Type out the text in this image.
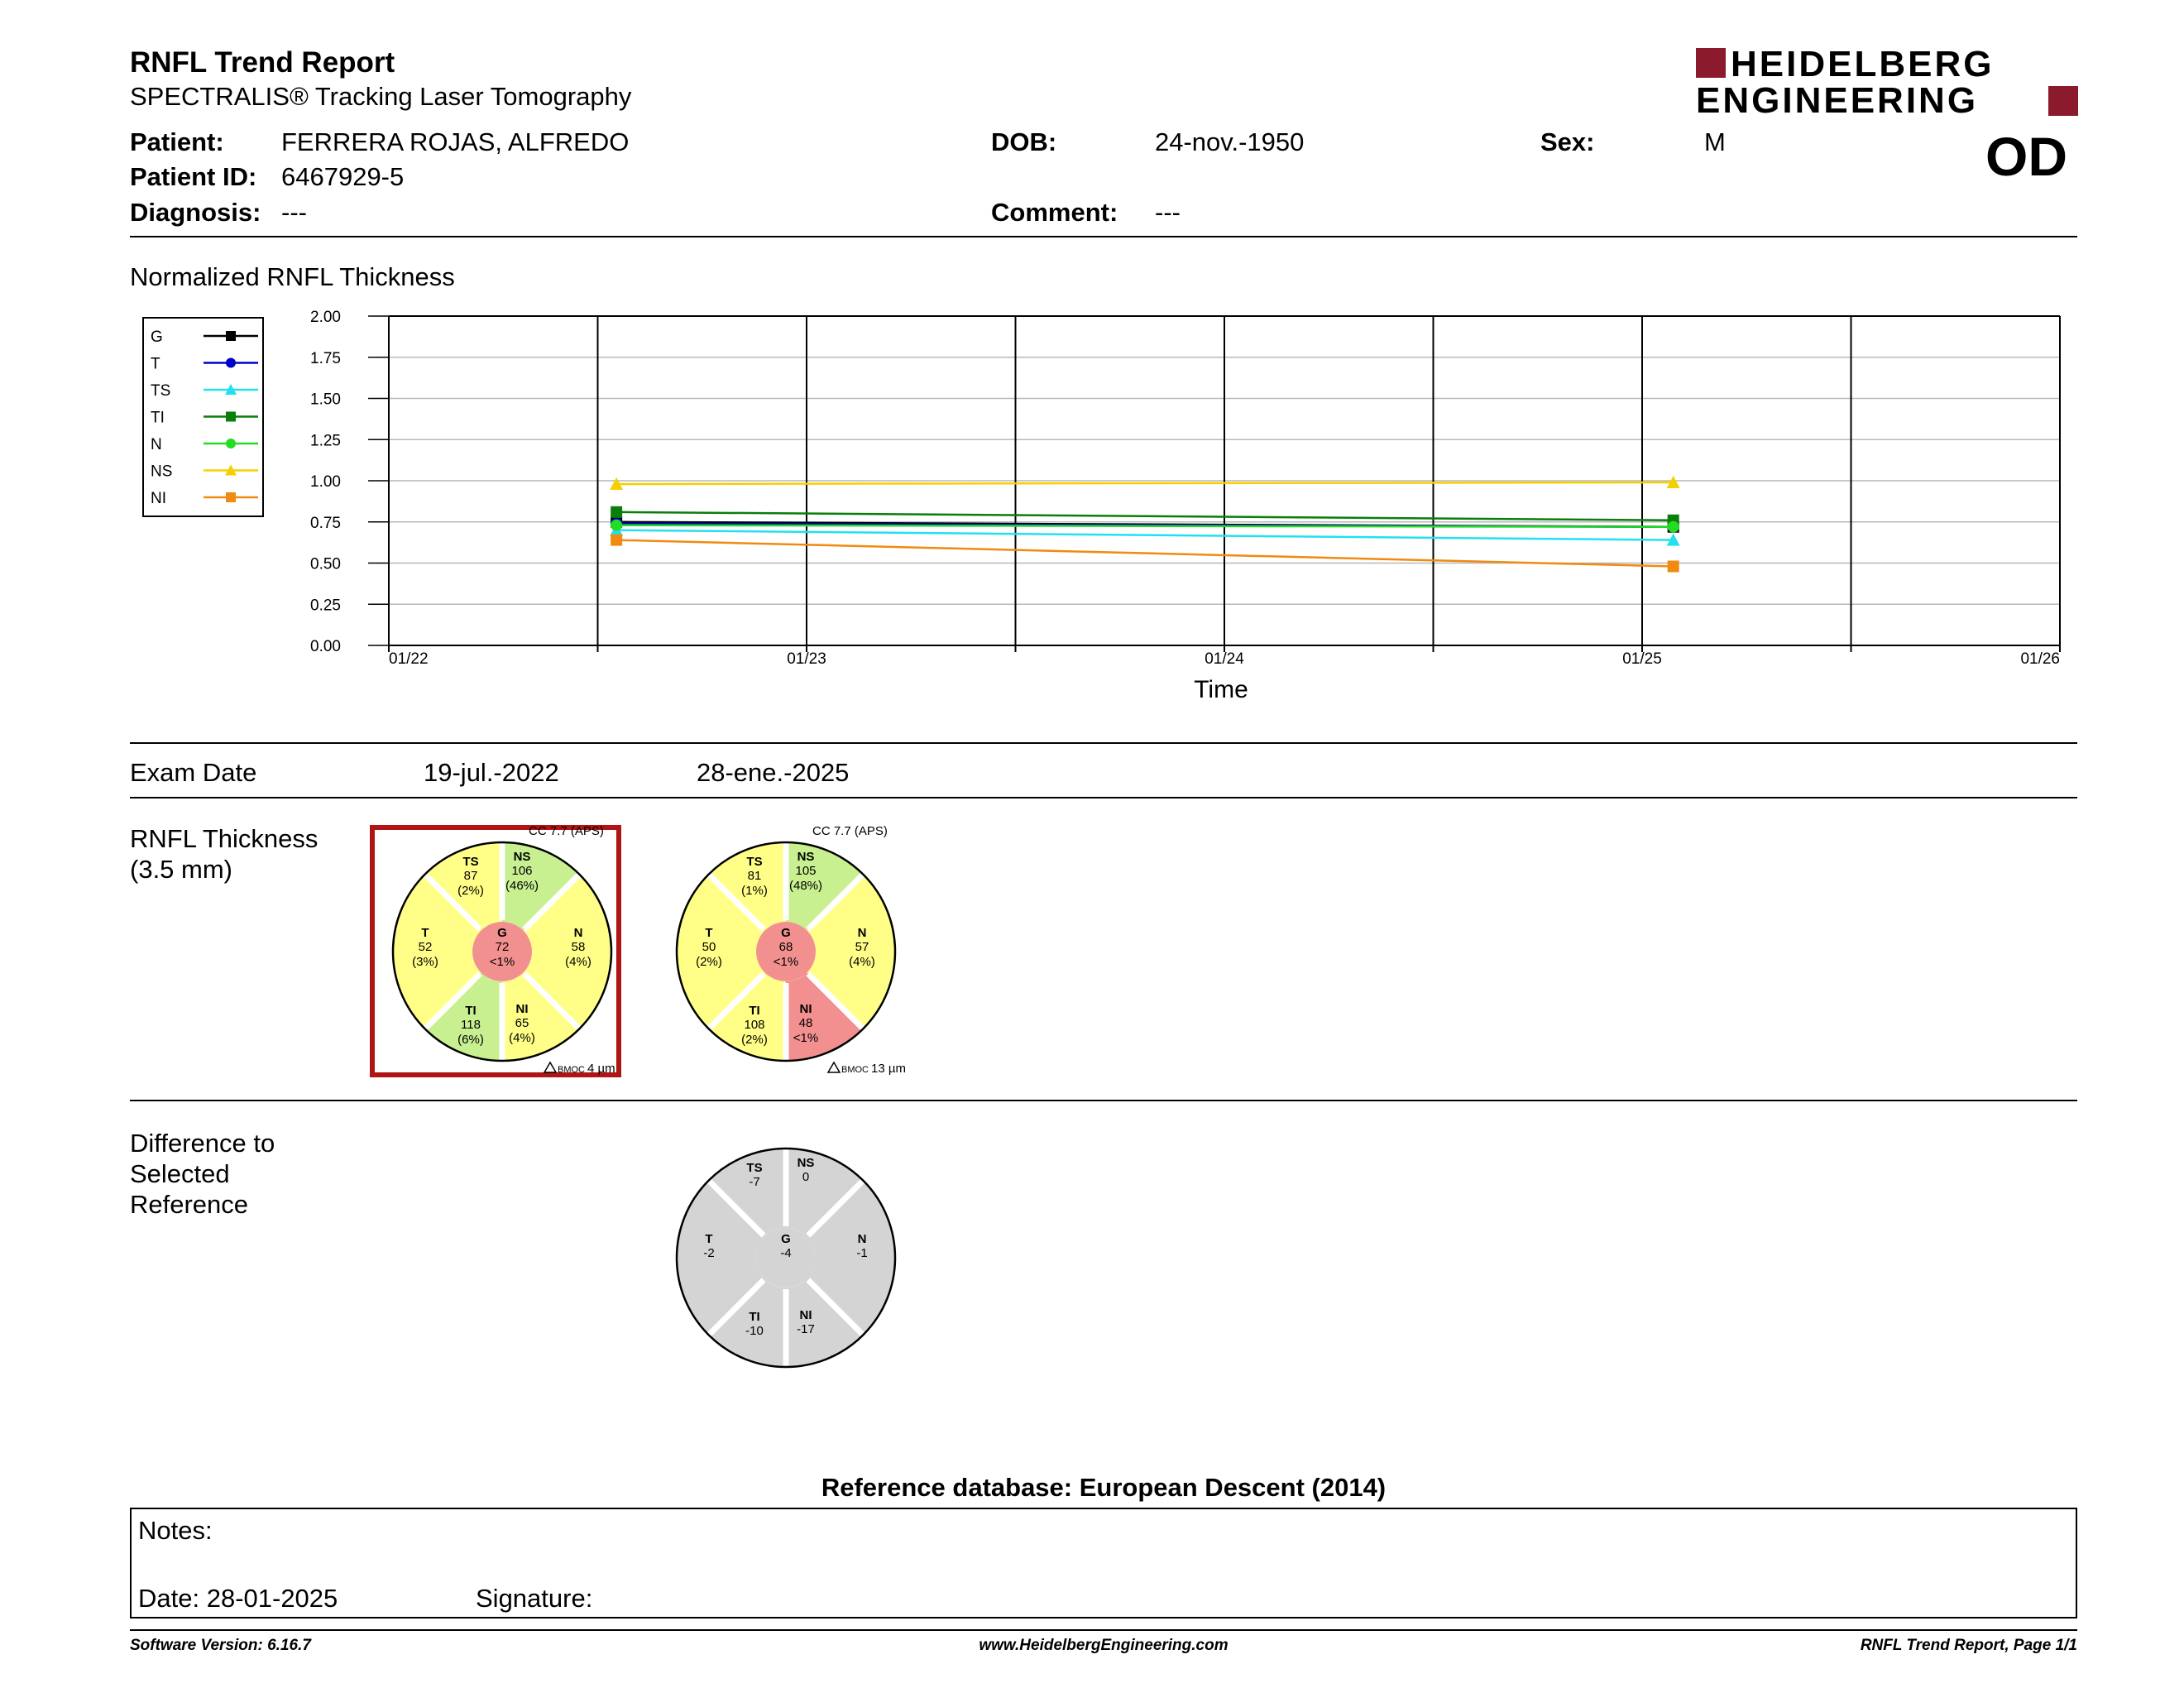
RNFL Trend Report
SPECTRALIS® Tracking Laser Tomography
HEIDELBERG
ENGINEERING
OD
Patient: FERRERA ROJAS, ALFREDO
Patient ID: 6467929-5
Diagnosis: ---
DOB:	24-nov.-1950
Comment: ---
Sex:	M
Normalized RNFL Thickness
G
T
TS
TI
N
NS
NI
0.00
0.25
0.50
0.75
1.00
1.25
1.50
1.75
2.00
01/22	01/23	01/24	01/25	01/26
Time
Exam Date	19-jul.-2022	28-ene.-2025
RNFL Thickness
(3.5 mm)	TS
87
(2%)
NS
106
(46%)
N
58
(4%)
NI
65
(4%)
TI
118
(6%)
T
52
(3%)
G
72
<1%
CC 7.7 (APS)
BMOC 4 µm
TS
81
(1%)
NS
105
(48%)
N
57
(4%)
NI
48
<1%
TI
108
(2%)
T
50
(2%)
G
68
<1%
CC 7.7 (APS)
BMOC 13 µm
Difference to
Selected
Reference
TS
-7
NS
0
N
-1
NI
-17
TI
-10
T
-2
G
-4
Reference database: European Descent (2014)
Notes:
Date: 28-01-2025	Signature:
Software Version: 6.16.7	www.HeidelbergEngineering.com	RNFL Trend Report, Page 1/1
